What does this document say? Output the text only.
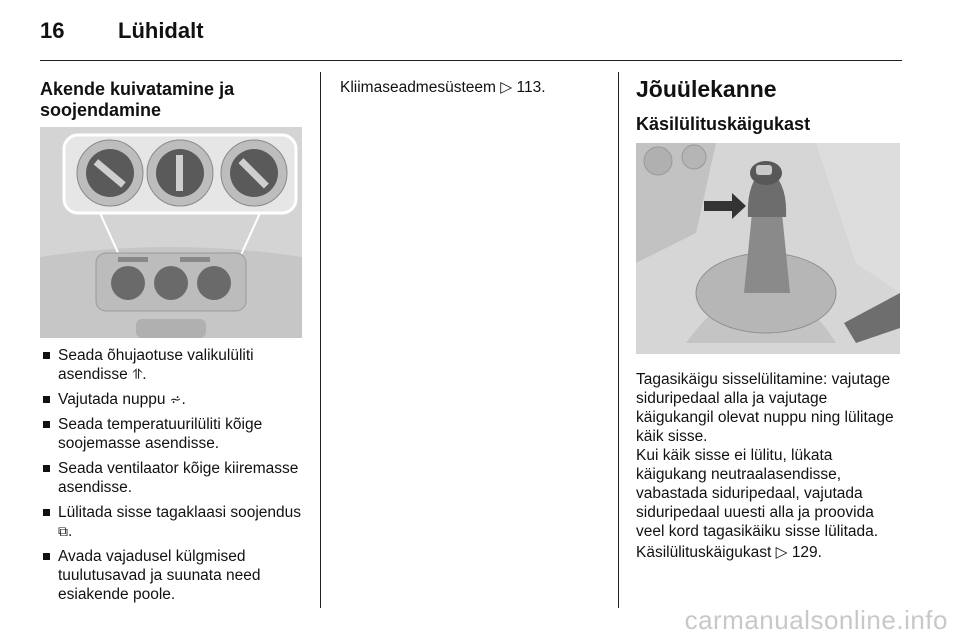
16 Lühidalt
Akende kuivatamine ja soojendamine
Seada õhujaotuse valikulüliti asendisse ⥣.
Vajutada nuppu ⩫.
Seada temperatuurilüliti kõige soojemasse asendisse.
Seada ventilaator kõige kiiremasse asendisse.
Lülitada sisse tagaklaasi soojendus ⧉.
Avada vajadusel külgmised tuulutusavad ja suunata need esiakende poole.

Kliimaseadmesüsteem ▷ 113.	Jõuülekanne
Käsilülituskäigukast

Tagasikäigu sisselülitamine: vajutage siduripedaal alla ja vajutage käigukangil olevat nuppu ning lülitage käik sisse.

Kui käik sisse ei lülitu, lükata käigukang neutraalasendisse, vabastada siduripedaal, vajutada siduripedaal uuesti alla ja proovida veel kord tagasikäiku sisse lülitada.

Käsilülituskäigukast ▷ 129.

carmanualsonline.info
